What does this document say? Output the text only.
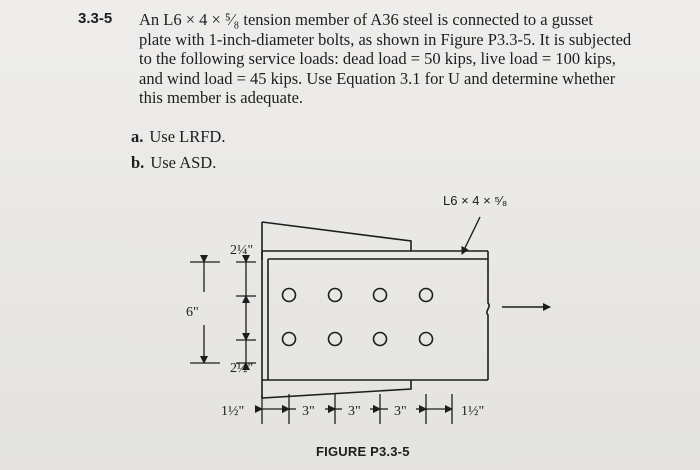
3.3-5 An L6 × 4 × ⁵⁄₈ tension member of A36 steel is connected to a gusset
plate with 1-inch-diameter bolts, as shown in Figure P3.3-5. It is subjected
to the following service loads: dead load = 50 kips, live load = 100 kips,
and wind load = 45 kips. Use Equation 3.1 for U and determine whether
this member is adequate.
a. Use LRFD.
b. Use ASD.
L6 × 4 × ⁵⁄₈
2¼"
6"
2½"
1½"	3" 3" 3"	1½"
FIGURE P3.3-5
